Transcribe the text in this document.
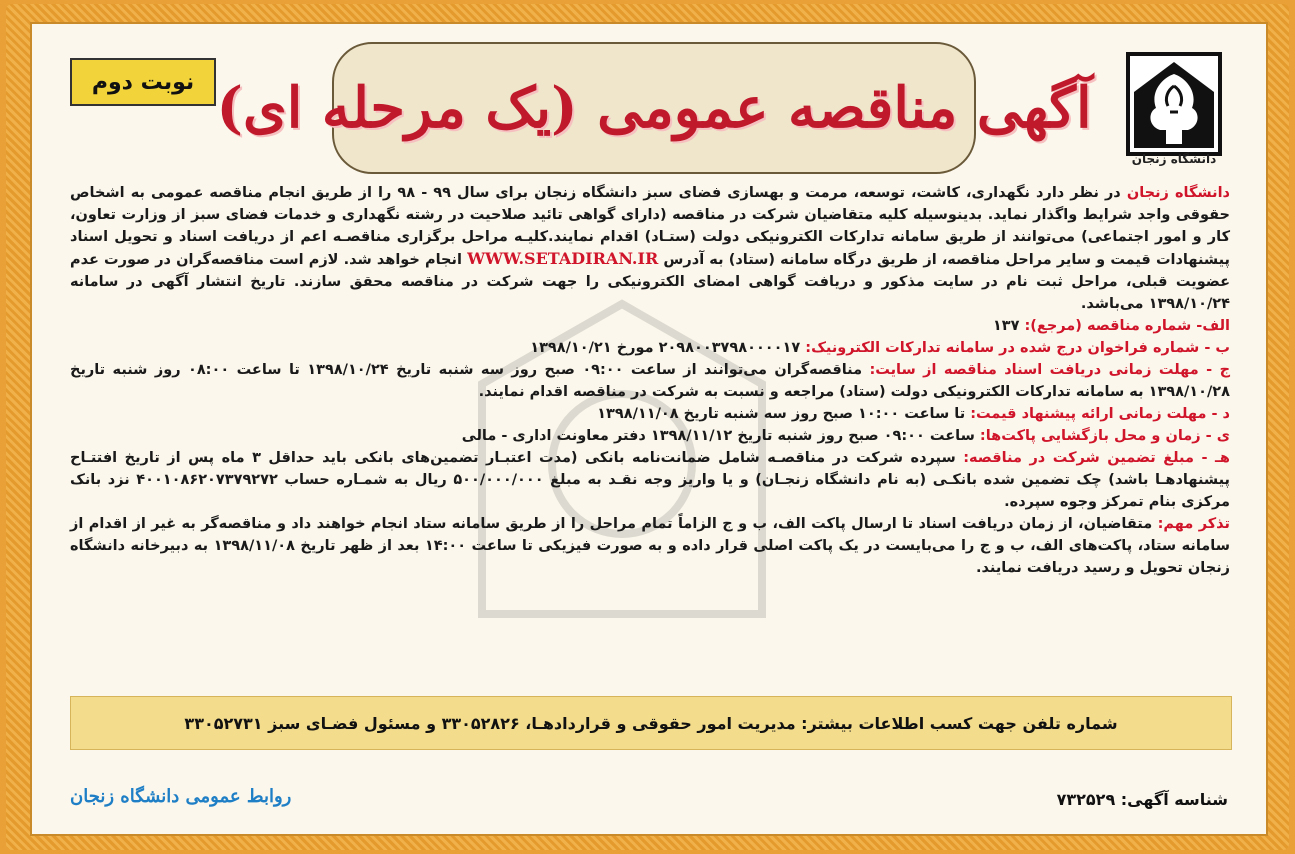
نوبت دوم آگهی مناقصه عمومی (یک مرحله ای)
دانشگاه زنجان

دانشگاه زنجان در نظر دارد نگهداری، کاشت، توسعه، مرمت و بهسازی فضای سبز دانشگاه زنجان برای سال ۹۹ - ۹۸ را از طریق انجام مناقصه عمومی به اشخاص حقوقی واجد شرایط واگذار نماید. بدینوسیله کلیه متقاضیان شرکت در مناقصه (دارای گواهی تائید صلاحیت در رشته نگهداری و خدمات فضای سبز از وزارت تعاون، کار و امور اجتماعی) می‌توانند از طریق سامانه تدارکات الکترونیکی دولت (ستـاد) اقدام نمایند.کلیـه مراحل برگزاری مناقصـه اعم از دریافت اسناد و تحویل اسناد پیشنهادات قیمت و سایر مراحل مناقصه، از طریق درگاه سامانه (ستاد) به آدرس WWW.SETADIRAN.IR انجام خواهد شد. لازم است مناقصه‌گران در صورت عدم عضویت قبلی، مراحل ثبت نام در سایت مذکور و دریافت گواهی امضای الکترونیکی را جهت شرکت در مناقصه محقق سازند. تاریخ انتشار آگهی در سامانه ۱۳۹۸/۱۰/۲۴ می‌باشد.

الف- شماره مناقصه (مرجع): ۱۳۷

ب - شماره فراخوان درج شده در سامانه تدارکات الکترونیک: ۲۰۹۸۰۰۳۷۹۸۰۰۰۰۱۷ مورخ ۱۳۹۸/۱۰/۲۱

ج - مهلت زمانی دریافت اسناد مناقصه از سایت: مناقصه‌گران می‌توانند از ساعت ۰۹:۰۰ صبح روز سه شنبه تاریخ ۱۳۹۸/۱۰/۲۴ تا ساعت ۰۸:۰۰ روز شنبه تاریخ ۱۳۹۸/۱۰/۲۸ به سامانه تدارکات الکترونیکی دولت (ستاد) مراجعه و نسبت به شرکت در مناقصه اقدام نمایند.

د - مهلت زمانی ارائه پیشنهاد قیمت: تا ساعت ۱۰:۰۰ صبح روز سه شنبه تاریخ ۱۳۹۸/۱۱/۰۸

ی - زمان و محل بازگشایی پاکت‌ها: ساعت ۰۹:۰۰ صبح روز شنبه تاریخ ۱۳۹۸/۱۱/۱۲ دفتر معاونت اداری - مالی

هـ - مبلغ تضمین شرکت در مناقصه: سپرده شرکت در مناقصـه شامل ضمانت‌نامه بانکی (مدت اعتبـار تضمین‌های بانکی باید حداقل ۳ ماه پس از تاریخ افتتـاح پیشنهادهـا باشد) چک تضمین شده بانکـی (به نام دانشگاه زنجـان) و یا واریز وجه نقـد به مبلغ ۵۰۰/۰۰۰/۰۰۰ ریال به شمـاره حساب ۴۰۰۱۰۸۶۲۰۷۳۷۹۲۷۲ نزد بانک مرکزی بنام تمرکز وجوه سپرده.

تذکر مهم: متقاضیان، از زمان دریافت اسناد تا ارسال پاکت الف، ب و ج الزاماً تمام مراحل را از طریق سامانه ستاد انجام خواهند داد و مناقصه‌گر به غیر از اقدام از سامانه ستاد، پاکت‌های الف، ب و ج را می‌بایست در یک پاکت اصلی قرار داده و به صورت فیزیکی تا ساعت ۱۴:۰۰ بعد از ظهر تاریخ ۱۳۹۸/۱۱/۰۸ به دبیرخانه دانشگاه زنجان تحویل و رسید دریافت نمایند.

شماره تلفن جهت کسب اطلاعات بیشتر: مدیریت امور حقوقی و قراردادهـا، ۳۳۰۵۲۸۲۶ و مسئول فضـای سبز ۳۳۰۵۲۷۳۱
روابط عمومی دانشگاه زنجان	شناسه آگهی: ۷۳۲۵۲۹
